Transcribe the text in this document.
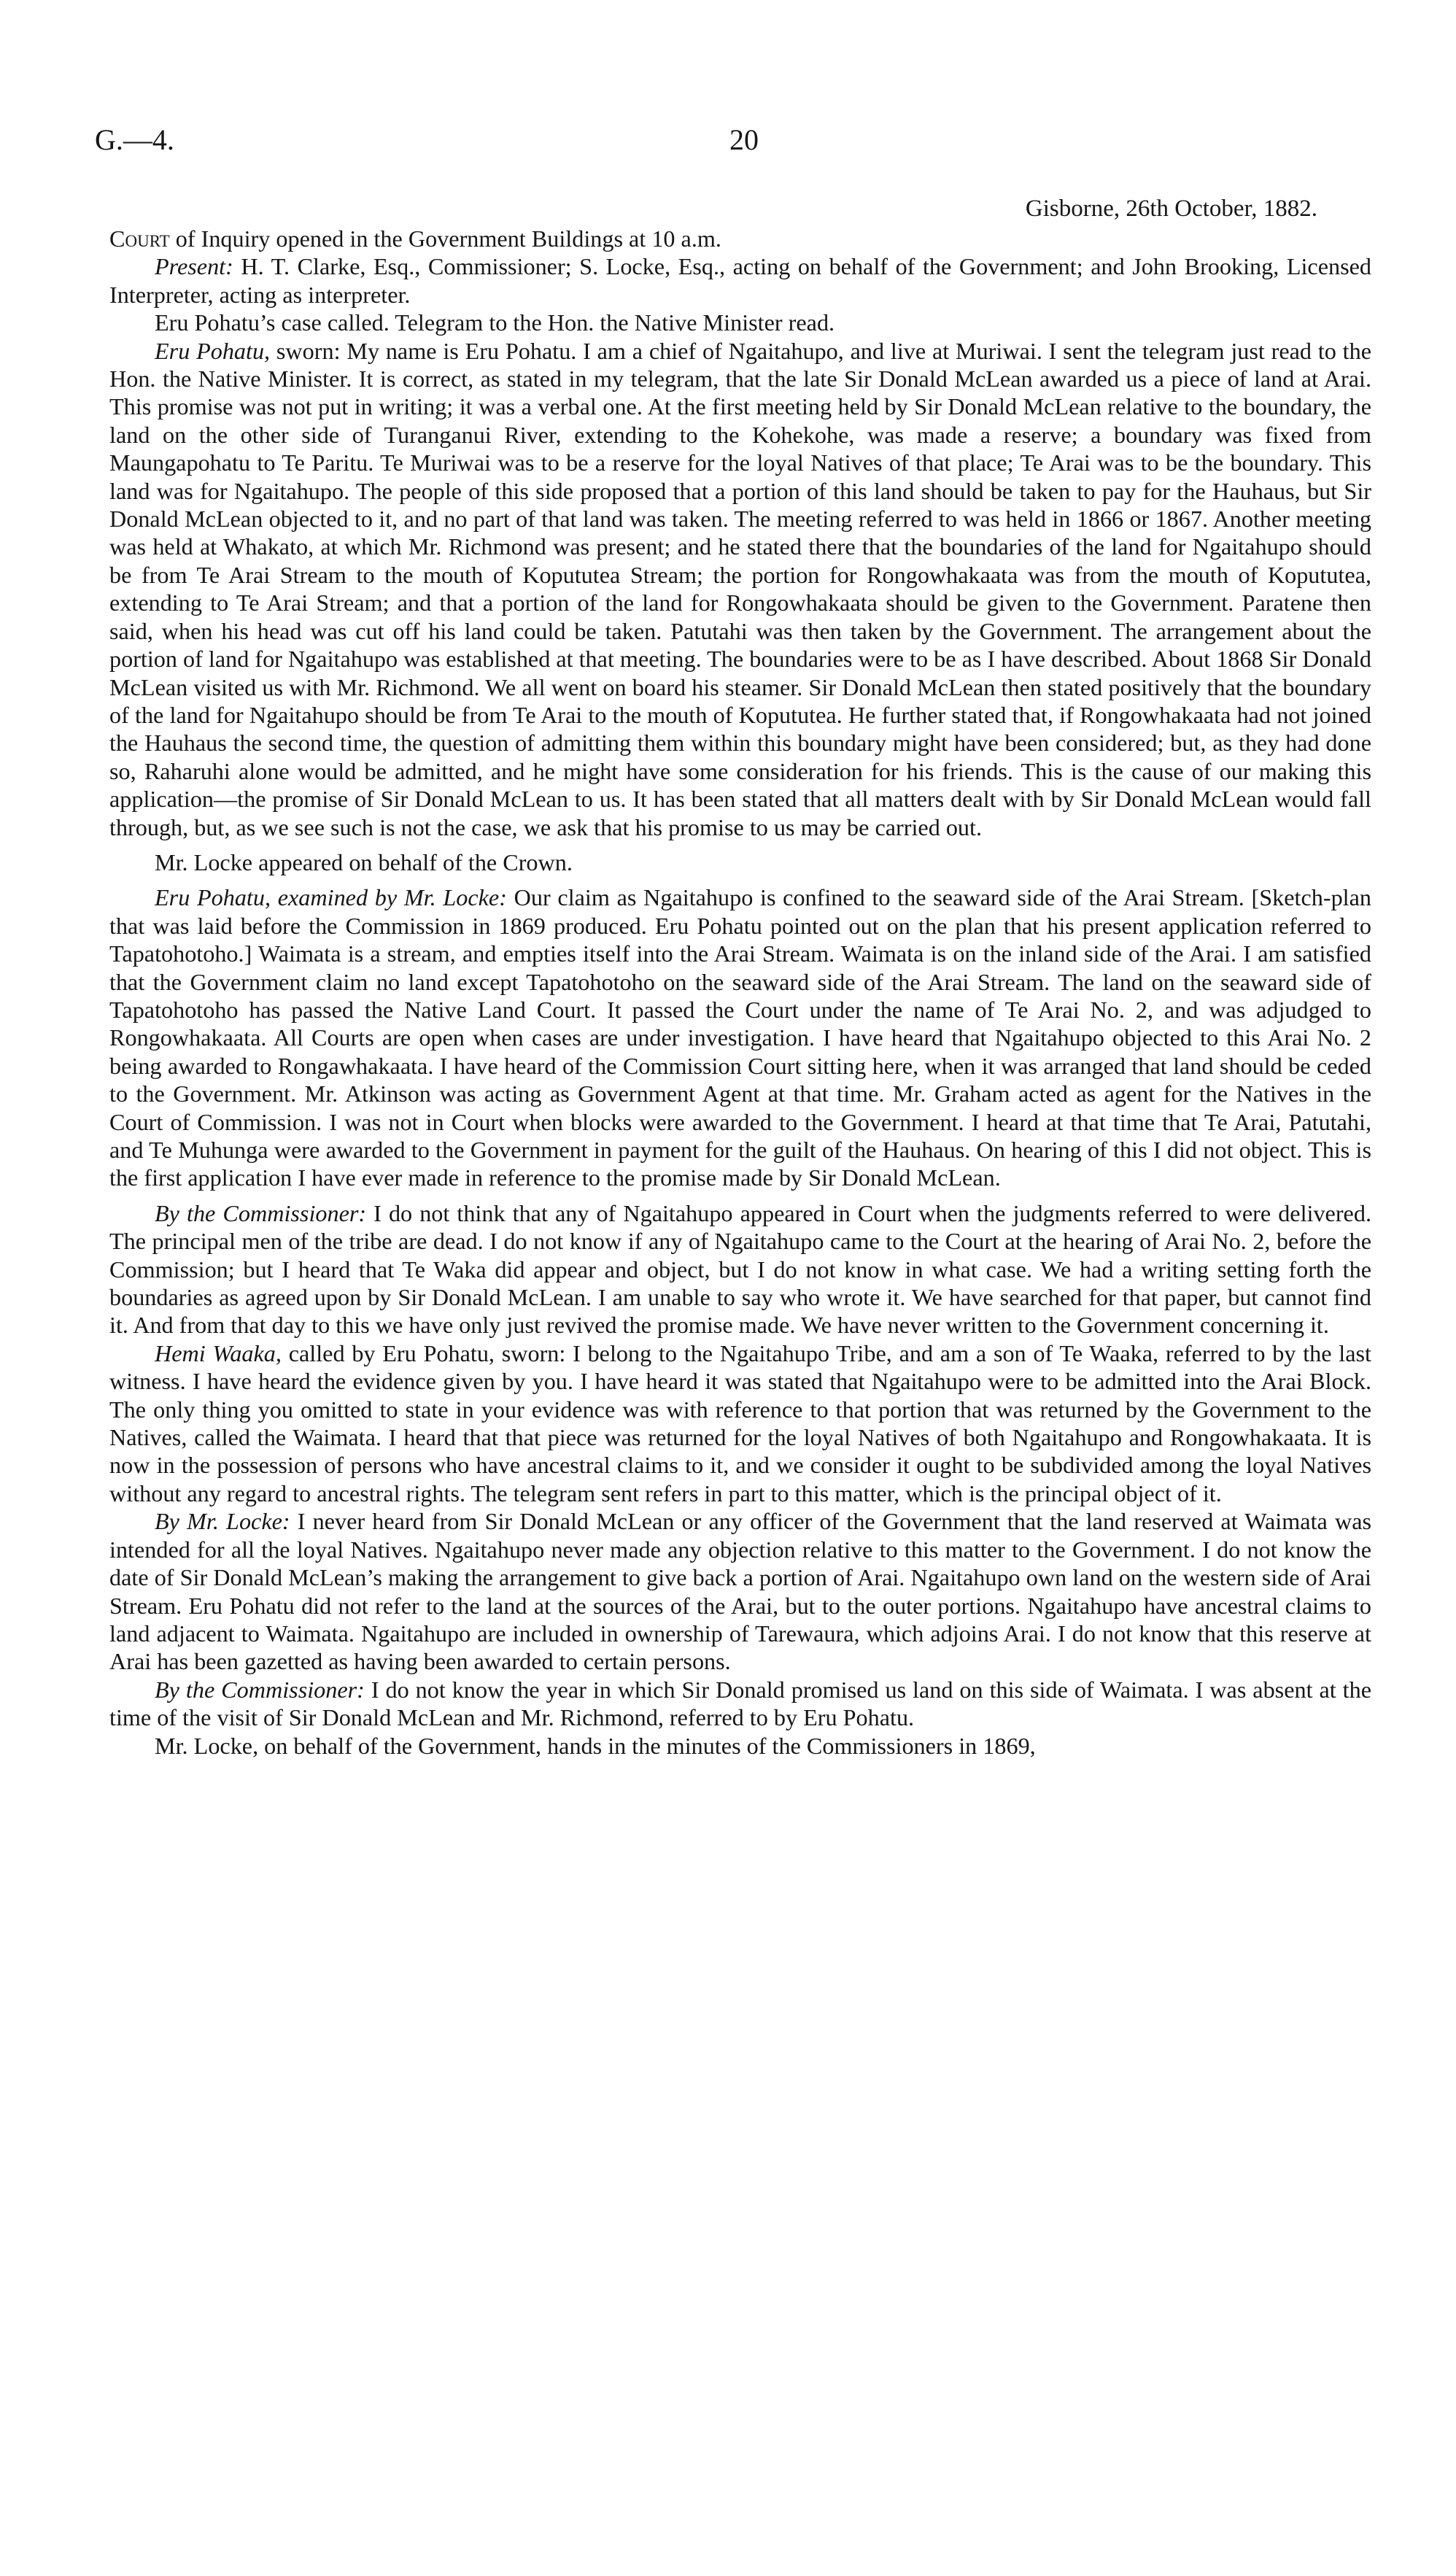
G.—4.	20
Gisborne, 26th October, 1882.

Court of Inquiry opened in the Government Buildings at 10 a.m.

Present: H. T. Clarke, Esq., Commissioner; S. Locke, Esq., acting on behalf of the Government; and John Brooking, Licensed Interpreter, acting as interpreter.

Eru Pohatu’s case called. Telegram to the Hon. the Native Minister read.

Eru Pohatu, sworn: My name is Eru Pohatu. I am a chief of Ngaitahupo, and live at Muriwai. I sent the telegram just read to the Hon. the Native Minister. It is correct, as stated in my telegram, that the late Sir Donald McLean awarded us a piece of land at Arai. This promise was not put in writing; it was a verbal one. At the first meeting held by Sir Donald McLean relative to the boundary, the land on the other side of Turanganui River, extending to the Kohekohe, was made a reserve; a boundary was fixed from Maungapohatu to Te Paritu. Te Muriwai was to be a reserve for the loyal Natives of that place; Te Arai was to be the boundary. This land was for Ngaitahupo. The people of this side proposed that a portion of this land should be taken to pay for the Hauhaus, but Sir Donald McLean objected to it, and no part of that land was taken. The meeting referred to was held in 1866 or 1867. Another meeting was held at Whakato, at which Mr. Richmond was present; and he stated there that the boundaries of the land for Ngaitahupo should be from Te Arai Stream to the mouth of Kopututea Stream; the portion for Rongowhakaata was from the mouth of Kopututea, extending to Te Arai Stream; and that a portion of the land for Rongowhakaata should be given to the Government. Paratene then said, when his head was cut off his land could be taken. Patutahi was then taken by the Government. The arrangement about the portion of land for Ngaitahupo was established at that meeting. The boundaries were to be as I have described. About 1868 Sir Donald McLean visited us with Mr. Richmond. We all went on board his steamer. Sir Donald McLean then stated positively that the boundary of the land for Ngaitahupo should be from Te Arai to the mouth of Kopututea. He further stated that, if Rongowhakaata had not joined the Hauhaus the second time, the question of admitting them within this boundary might have been considered; but, as they had done so, Raharuhi alone would be admitted, and he might have some consideration for his friends. This is the cause of our making this application—the promise of Sir Donald McLean to us. It has been stated that all matters dealt with by Sir Donald McLean would fall through, but, as we see such is not the case, we ask that his promise to us may be carried out.

Mr. Locke appeared on behalf of the Crown.

Eru Pohatu, examined by Mr. Locke: Our claim as Ngaitahupo is confined to the seaward side of the Arai Stream. [Sketch-plan that was laid before the Commission in 1869 produced. Eru Pohatu pointed out on the plan that his present application referred to Tapatohotoho.] Waimata is a stream, and empties itself into the Arai Stream. Waimata is on the inland side of the Arai. I am satisfied that the Government claim no land except Tapatohotoho on the seaward side of the Arai Stream. The land on the seaward side of Tapatohotoho has passed the Native Land Court. It passed the Court under the name of Te Arai No. 2, and was adjudged to Rongowhakaata. All Courts are open when cases are under investigation. I have heard that Ngaitahupo objected to this Arai No. 2 being awarded to Rongawhakaata. I have heard of the Commission Court sitting here, when it was arranged that land should be ceded to the Government. Mr. Atkinson was acting as Government Agent at that time. Mr. Graham acted as agent for the Natives in the Court of Commission. I was not in Court when blocks were awarded to the Government. I heard at that time that Te Arai, Patutahi, and Te Muhunga were awarded to the Government in payment for the guilt of the Hauhaus. On hearing of this I did not object. This is the first application I have ever made in reference to the promise made by Sir Donald McLean.

By the Commissioner: I do not think that any of Ngaitahupo appeared in Court when the judgments referred to were delivered. The principal men of the tribe are dead. I do not know if any of Ngaitahupo came to the Court at the hearing of Arai No. 2, before the Commission; but I heard that Te Waka did appear and object, but I do not know in what case. We had a writing setting forth the boundaries as agreed upon by Sir Donald McLean. I am unable to say who wrote it. We have searched for that paper, but cannot find it. And from that day to this we have only just revived the promise made. We have never written to the Government concerning it.

Hemi Waaka, called by Eru Pohatu, sworn: I belong to the Ngaitahupo Tribe, and am a son of Te Waaka, referred to by the last witness. I have heard the evidence given by you. I have heard it was stated that Ngaitahupo were to be admitted into the Arai Block. The only thing you omitted to state in your evidence was with reference to that portion that was returned by the Government to the Natives, called the Waimata. I heard that that piece was returned for the loyal Natives of both Ngaitahupo and Rongowhakaata. It is now in the possession of persons who have ancestral claims to it, and we consider it ought to be subdivided among the loyal Natives without any regard to ancestral rights. The telegram sent refers in part to this matter, which is the principal object of it.

By Mr. Locke: I never heard from Sir Donald McLean or any officer of the Government that the land reserved at Waimata was intended for all the loyal Natives. Ngaitahupo never made any objection relative to this matter to the Government. I do not know the date of Sir Donald McLean’s making the arrangement to give back a portion of Arai. Ngaitahupo own land on the western side of Arai Stream. Eru Pohatu did not refer to the land at the sources of the Arai, but to the outer portions. Ngaitahupo have ancestral claims to land adjacent to Waimata. Ngaitahupo are included in ownership of Tarewaura, which adjoins Arai. I do not know that this reserve at Arai has been gazetted as having been awarded to certain persons.

By the Commissioner: I do not know the year in which Sir Donald promised us land on this side of Waimata. I was absent at the time of the visit of Sir Donald McLean and Mr. Richmond, referred to by Eru Pohatu.

Mr. Locke, on behalf of the Government, hands in the minutes of the Commissioners in 1869,
